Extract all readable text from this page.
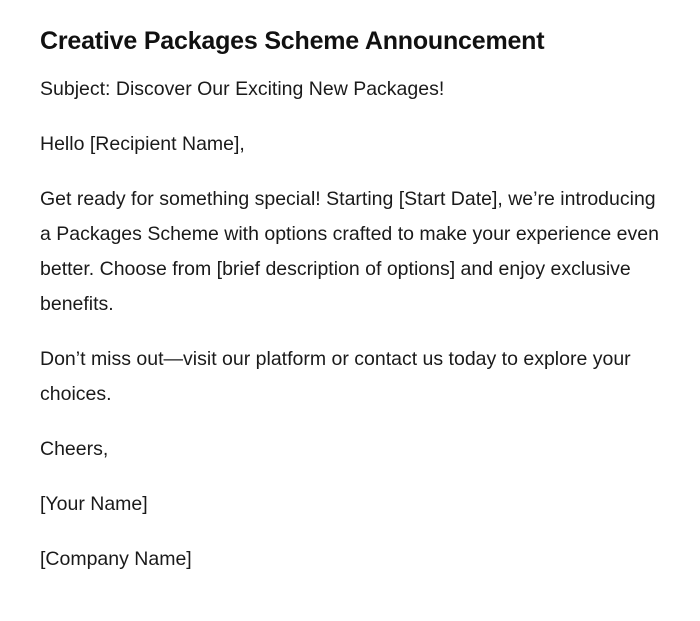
Creative Packages Scheme Announcement

Subject: Discover Our Exciting New Packages!

Hello [Recipient Name],

Get ready for something special! Starting [Start Date], we’re introducing a Packages Scheme with options crafted to make your experience even better. Choose from [brief description of options] and enjoy exclusive benefits.

Don’t miss out—visit our platform or contact us today to explore your choices.

Cheers,

[Your Name]

[Company Name]
